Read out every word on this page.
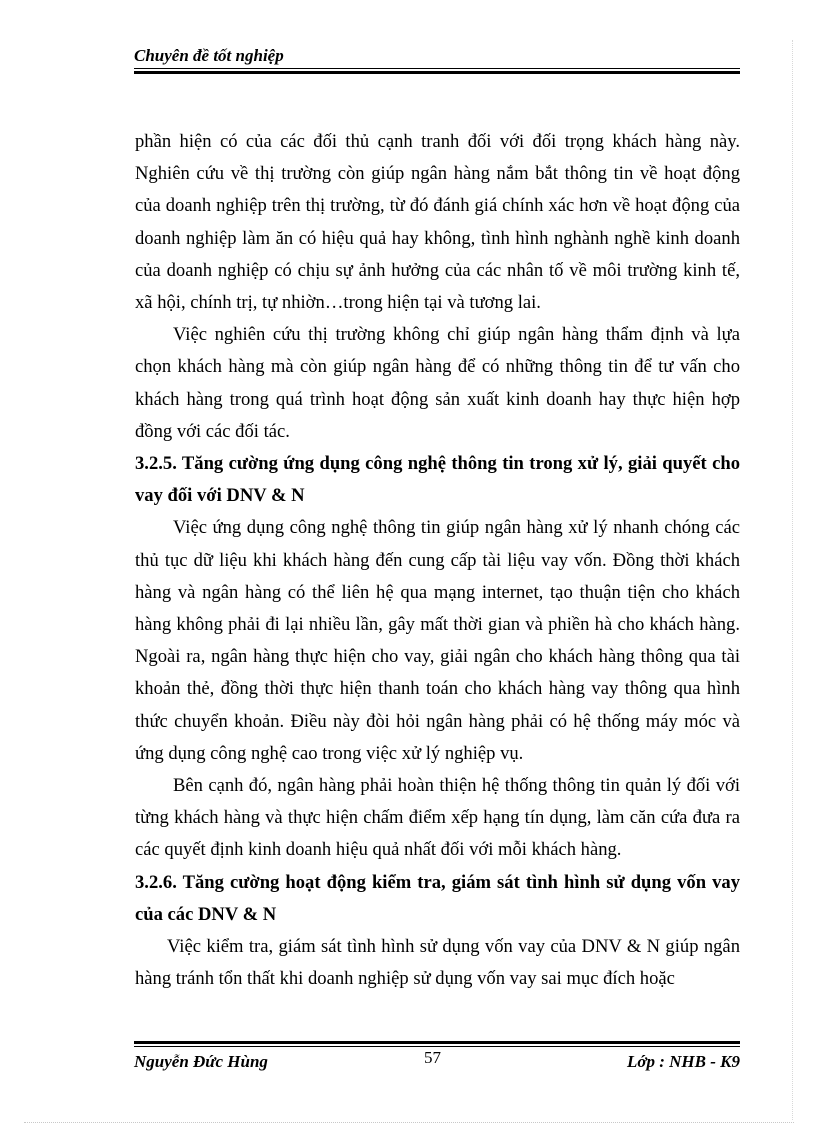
Chuyên đề tốt nghiệp

phần hiện có của các đối thủ cạnh tranh đối với đối trọng khách hàng này. Nghiên cứu về thị trường còn giúp ngân hàng nắm bắt thông tin về hoạt động của doanh nghiệp trên thị trường, từ đó đánh giá chính xác hơn về hoạt động của doanh nghiệp làm ăn có hiệu quả hay không, tình hình nghành nghề kinh doanh của doanh nghiệp có chịu sự ảnh hưởng của các nhân tố về môi trường kinh tế, xã hội, chính trị, tự nhiờn…trong hiện tại và tương lai.

Việc nghiên cứu thị trường không chỉ giúp ngân hàng thẩm định và lựa chọn khách hàng mà còn giúp ngân hàng để có những thông tin để tư vấn cho khách hàng trong quá trình hoạt động sản xuất kinh doanh hay thực hiện hợp đồng với các đối tác.

3.2.5. Tăng cường ứng dụng công nghệ thông tin trong xử lý, giải quyết cho vay đối với DNV & N

Việc ứng dụng công nghệ thông tin giúp ngân hàng xử lý nhanh chóng các thủ tục dữ liệu khi khách hàng đến cung cấp tài liệu vay vốn. Đồng thời khách hàng và ngân hàng có thể liên hệ qua mạng internet, tạo thuận tiện cho khách hàng không phải đi lại nhiều lần, gây mất thời gian và phiền hà cho khách hàng. Ngoài ra, ngân hàng thực hiện cho vay, giải ngân cho khách hàng thông qua tài khoản thẻ, đồng thời thực hiện thanh toán cho khách hàng vay thông qua hình thức chuyển khoản. Điều này đòi hỏi ngân hàng phải có hệ thống máy móc và ứng dụng công nghệ cao trong việc xử lý nghiệp vụ.

Bên cạnh đó, ngân hàng phải hoàn thiện hệ thống thông tin quản lý đối với từng khách hàng và thực hiện chấm điểm xếp hạng tín dụng, làm căn cứa đưa ra các quyết định kinh doanh hiệu quả nhất đối với mỗi khách hàng.

3.2.6. Tăng cường hoạt động kiểm tra, giám sát tình hình sử dụng vốn vay của các DNV & N

Việc kiểm tra, giám sát tình hình sử dụng vốn vay của DNV & N giúp ngân hàng tránh tổn thất khi doanh nghiệp sử dụng vốn vay sai mục đích hoặc

Nguyễn Đức Hùng	57	Lớp : NHB - K9
